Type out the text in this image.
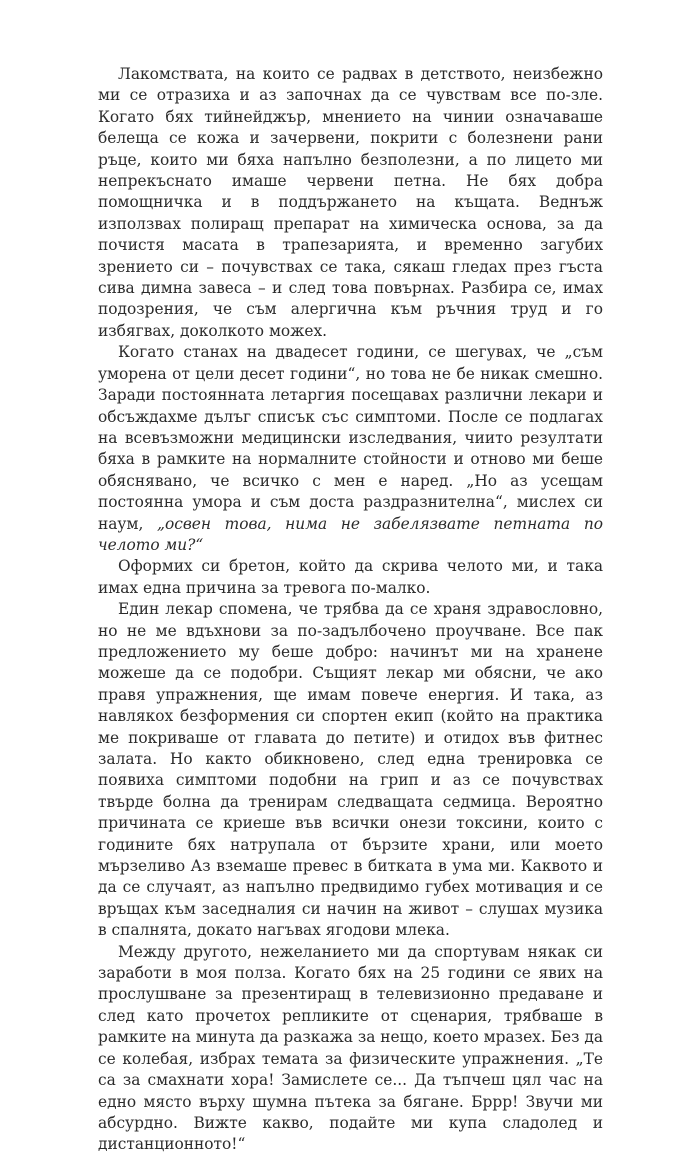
Лакомствата, на които се радвах в детството, неизбежно ми се отразиха и аз започнах да се чувствам все по-зле. Когато бях тийнейджър, мнението на чинии означаваше белеща се кожа и зачервени, покрити с болезнени рани ръце, които ми бяха напълно безполезни, а по лицето ми непрекъснато имаше червени петна. Не бях добра помощничка и в поддържането на къщата. Веднъж използвах полиращ препарат на химическа основа, за да почистя масата в трапезарията, и временно загубих зрението си – почувствах се така, сякаш гледах през гъста сива димна завеса – и след това повърнах. Разбира се, имах подозрения, че съм алергична към ръчния труд и го избягвах, доколкото можех.

Когато станах на двадесет години, се шегувах, че „съм уморена от цели десет години“, но това не бе никак смешно. Заради постоянната летаргия посещавах различни лекари и обсъждахме дълъг списък със симптоми. После се подлагах на всевъзможни медицински изследвания, чиито резултати бяха в рамките на нормалните стойности и отново ми беше обяснявано, че всичко с мен е наред. „Но аз усещам постоянна умора и съм доста раздразнителна“, мислех си наум, „освен това, нима не забелязвате петната по челото ми?“

Оформих си бретон, който да скрива челото ми, и така имах една причина за тревога по-малко.

Един лекар спомена, че трябва да се храня здравословно, но не ме вдъхнови за по-задълбочено проучване. Все пак предложението му беше добро: начинът ми на хранене можеше да се подобри. Същият лекар ми обясни, че ако правя упражнения, ще имам повече енергия. И така, аз навлякох безформения си спортен екип (който на практика ме покриваше от главата до петите) и отидох във фитнес залата. Но както обикновено, след една тренировка се появиха симптоми подобни на грип и аз се почувствах твърде болна да тренирам следващата седмица. Вероятно причината се криеше във всички онези токсини, които с годините бях натрупала от бързите храни, или моето мързеливо Аз вземаше превес в битката в ума ми. Каквото и да се случаят, аз напълно предвидимо губех мотивация и се връщах към заседналия си начин на живот – слушах музика в спалнята, докато нагъвах ягодови млека.

Между другото, нежеланието ми да спортувам някак си заработи в моя полза. Когато бях на 25 години се явих на прослушване за презентиращ в телевизионно предаване и след като прочетох репликите от сценария, трябваше в рамките на минута да разкажа за нещо, което мразех. Без да се колебая, избрах темата за физическите упражнения. „Те са за смахнати хора! Замислете се... Да тъпчеш цял час на едно място върху шумна пътека за бягане. Бррр! Звучи ми абсурдно. Вижте какво, подайте ми купа сладолед и дистанционното!“
